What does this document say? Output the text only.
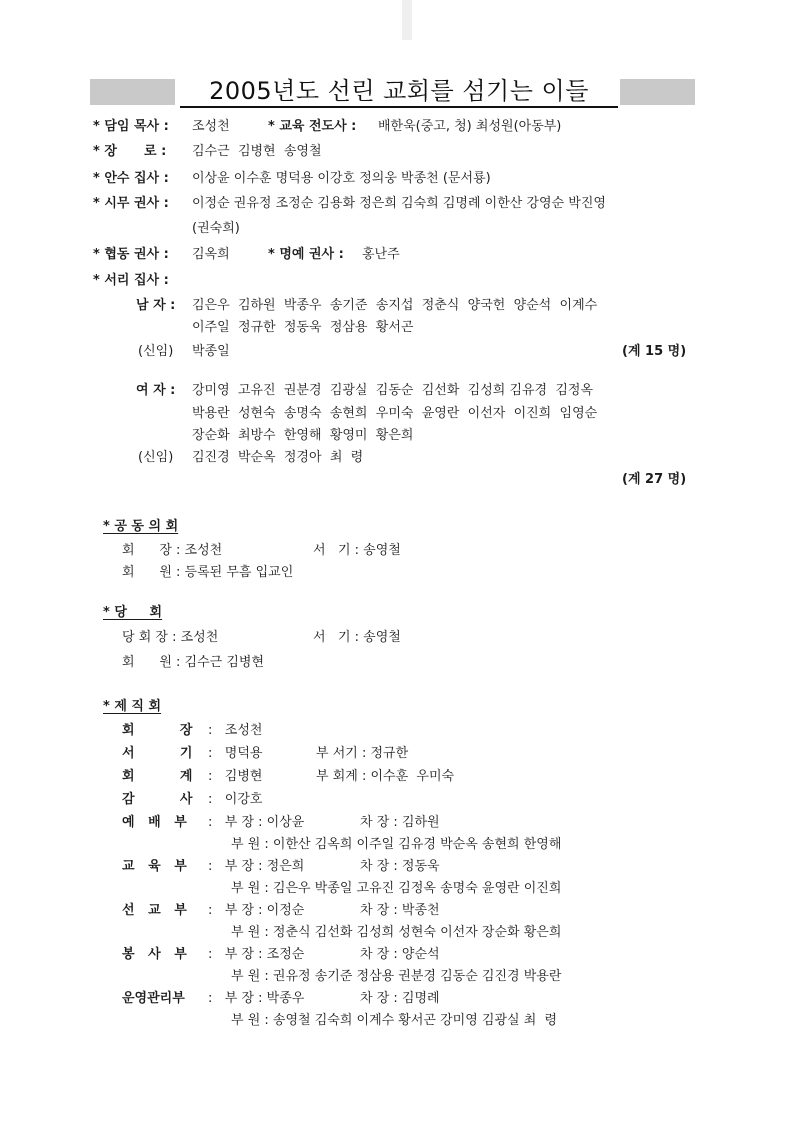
2005년도 선린 교회를 섬기는 이들
* 담임 목사 : 조성천	* 교육 전도사 : 배한욱(중고, 청) 최성원(아동부)
* 장      로 : 김수근  김병현  송영철
* 안수 집사 : 이상윤 이수훈 명덕용 이강호 정의웅 박종천 (문서룡)
* 시무 권사 : 이정순 권유정 조정순 김용화 정은희 김숙희 김명례 이한산 강영순 박진영
(권숙희)
* 협동 권사 : 김옥희	* 명예 권사 : 홍난주
* 서리 집사 :
남 자 : 김은우  김하원  박종우  송기준  송지섭  정춘식  양국헌  양순석  이계수
이주일  정규한  정동욱  정삼용  황서곤
(신임) 박종일	(계 15 명)
여 자 : 강미영  고유진  권분경  김광실  김동순  김선화  김성희 김유경  김정옥
박용란  성현숙  송명숙  송현희  우미숙  윤영란  이선자  이진희  임영순
장순화  최방수  한영해  황영미  황은희
(신임) 김진경  박순옥  정경아  최  령
(계 27 명)
* 공 동 의 회
회      장 : 조성천	서   기 : 송영철
회      원 : 등록된 무흠 입교인
* 당     회
당 회 장 : 조성천	서   기 : 송영철
회      원 : 김수근 김병현
* 제 직 회
회          장 :   조성천
서          기 :   명덕용	부 서기 : 정규한
회          계 :   김병현	부 회계 : 이수훈  우미숙
감          사 :   이강호
예   배   부 :   부 장 : 이상윤	차 장 : 김하원
부 원 : 이한산 김옥희 이주일 김유경 박순옥 송현희 한영해
교   육   부 :   부 장 : 정은희	차 장 : 정동욱
부 원 : 김은우 박종일 고유진 김정옥 송명숙 윤영란 이진희
선   교   부 :   부 장 : 이정순	차 장 : 박종천
부 원 : 정춘식 김선화 김성희 성현숙 이선자 장순화 황은희
봉   사   부 :   부 장 : 조정순	차 장 : 양순석
부 원 : 권유정 송기준 정삼용 권분경 김동순 김진경 박용란
운영관리부 :   부 장 : 박종우	차 장 : 김명례
부 원 : 송영철 김숙희 이계수 황서곤 강미영 김광실 최  령
